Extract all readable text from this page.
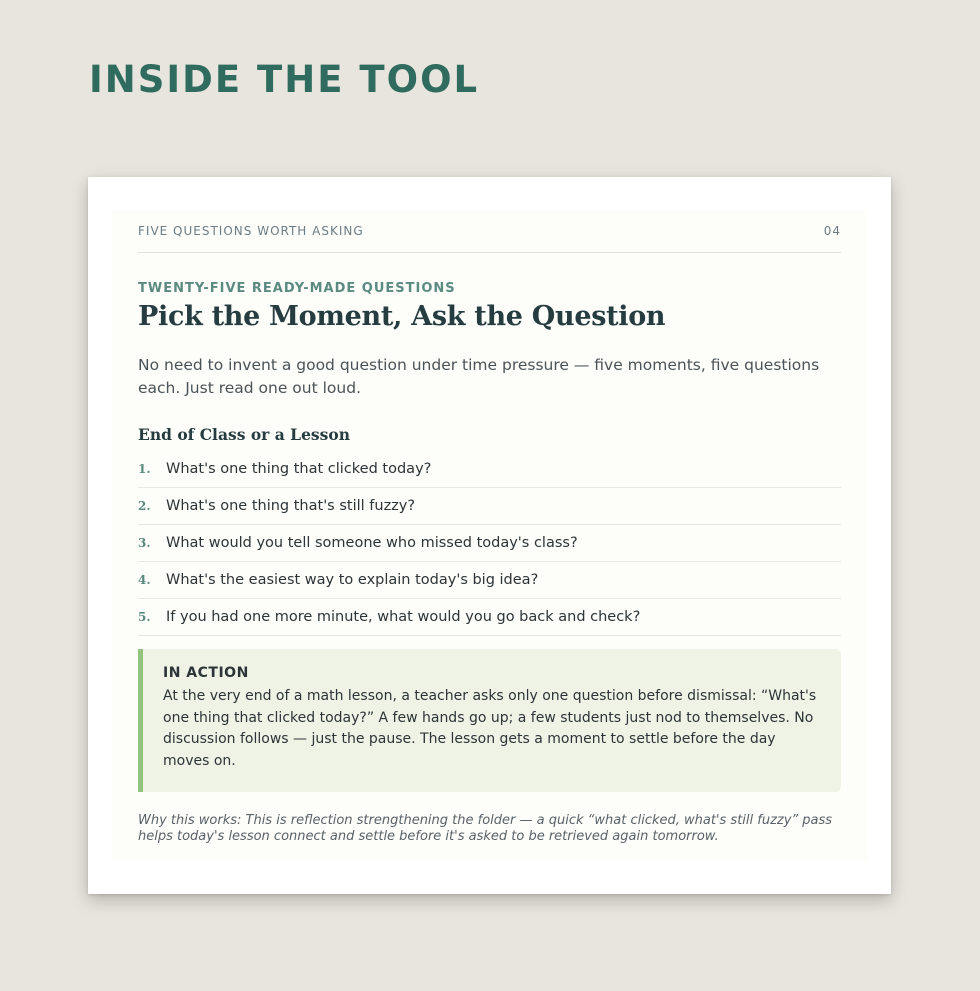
INSIDE THE TOOL
FIVE QUESTIONS WORTH ASKING	04
TWENTY-FIVE READY-MADE QUESTIONS
Pick the Moment, Ask the Question

No need to invent a good question under time pressure — five moments, five questions each. Just read one out loud.

End of Class or a Lesson
1.	What's one thing that clicked today?
2.	What's one thing that's still fuzzy?
3.	What would you tell someone who missed today's class?
4.	What's the easiest way to explain today's big idea?
5.	If you had one more minute, what would you go back and check?
IN ACTION

At the very end of a math lesson, a teacher asks only one question before dismissal: “What's one thing that clicked today?” A few hands go up; a few students just nod to themselves. No discussion follows — just the pause. The lesson gets a moment to settle before the day moves on.

Why this works: This is reflection strengthening the folder — a quick “what clicked, what's still fuzzy” pass helps today's lesson connect and settle before it's asked to be retrieved again tomorrow.
